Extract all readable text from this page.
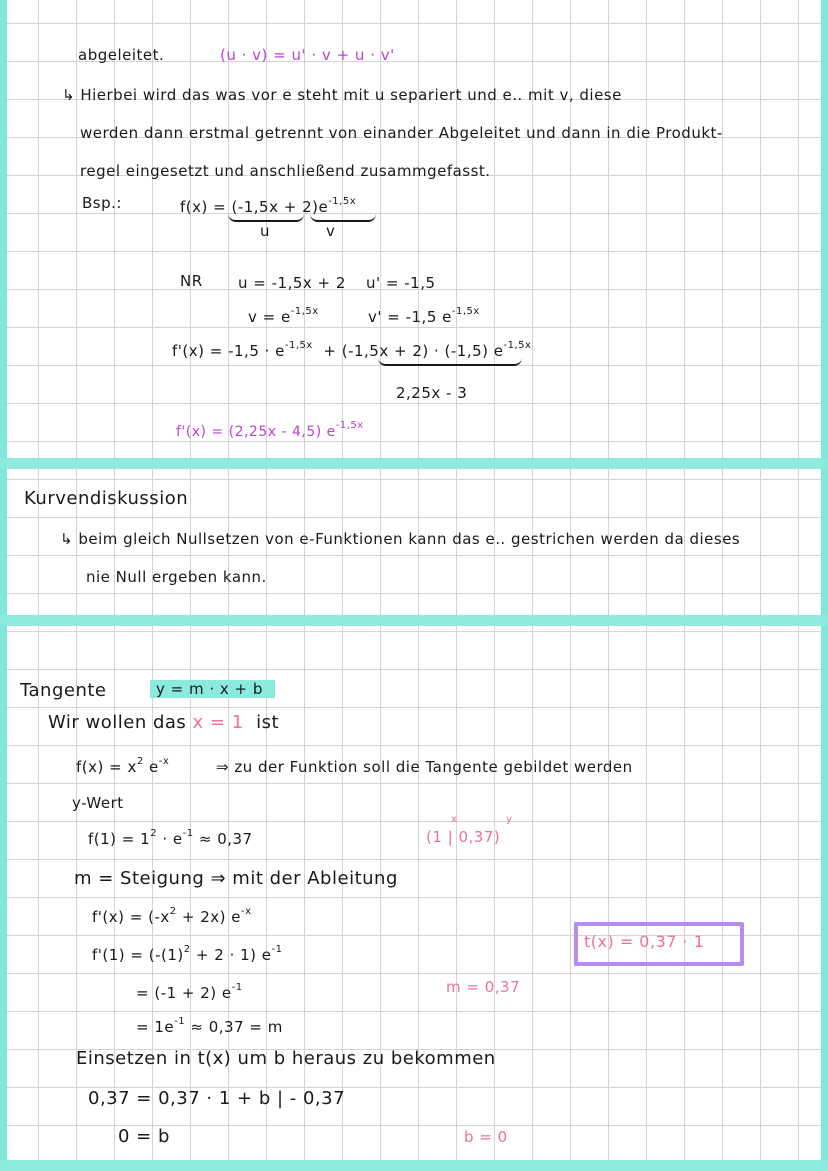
abgeleitet.	(u · v) = u' · v + u · v'
↳ Hierbei wird das was vor e steht mit u separiert und e‥ mit v, diese
werden dann erstmal getrennt von einander Abgeleitet und dann in die Produkt-
regel eingesetzt und anschließend zusammgefasst.
Bsp.:	$f(x) = (-1,5x + 2)e^{-1,5x}$
u	v
NR u = -1,5x + 2 u' = -1,5
$v = e^{-1,5x}$	v' = -1,5 $e^{-1,5x}$
$f'(x) = -1,5 \cdot e^{-1,5x} + (-1,5x + 2) \cdot (-1,5)$ $e^{-1,5x}$
2,25x - 3
f'(x) = (2,25x - 4,5) $e^{-1,5x}$
Kurvendiskussion
↳ beim gleich Nullsetzen von e-Funktionen kann das e‥ gestrichen werden da dieses
nie Null ergeben kann.
Tangente	y = m · x + b
Wir wollen das x = 1 ist
$f(x) = x^2$ $e^{-x}$	⇒ zu der Funktion soll die Tangente gebildet werden
y-Wert
$f(1) = 1^2 \cdot e^{-1} \approx 0,37$
x	y
(1 | 0,37)
m = Steigung ⇒ mit der Ableitung
$f'(x) = (-x^2 + 2x)$ $e^{-x}$
$f'(1) = (-(1)^2 + 2 \cdot 1)$ $e^{-1}$	t(x) = 0,37 · 1
= (-1 + 2) $e^{-1}$	m = 0,37
= $1e^{-1} \approx 0,37 = m$
Einsetzen in t(x) um b heraus zu bekommen
0,37 = 0,37 · 1 + b | - 0,37
0 = b	b = 0
